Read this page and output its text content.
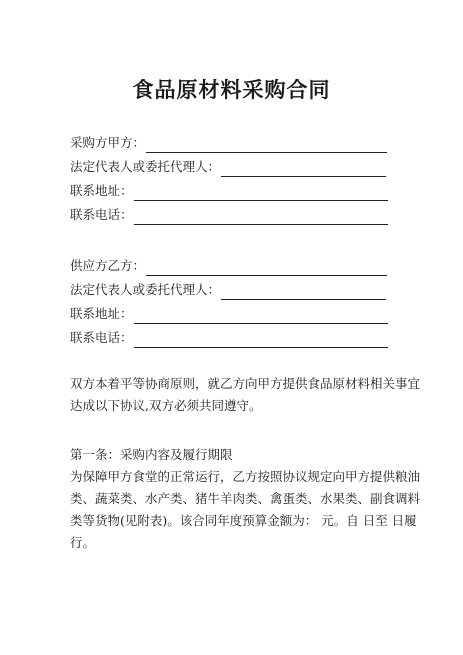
食品原材料采购合同
采购方甲方：
法定代表人或委托代理人：
联系地址：
联系电话：
供应方乙方：
法定代表人或委托代理人：
联系地址：
联系电话：
双方本着平等协商原则，就乙方向甲方提供食品原材料相关事宜
达成以下协议,双方必须共同遵守。
第一条：采购内容及履行期限
为保障甲方食堂的正常运行，乙方按照协议规定向甲方提供粮油
类、蔬菜类、水产类、猪牛羊肉类、禽蛋类、水果类、副食调料
类等货物(见附表)。该合同年度预算金额为： 元。自 日至 日履
行。
